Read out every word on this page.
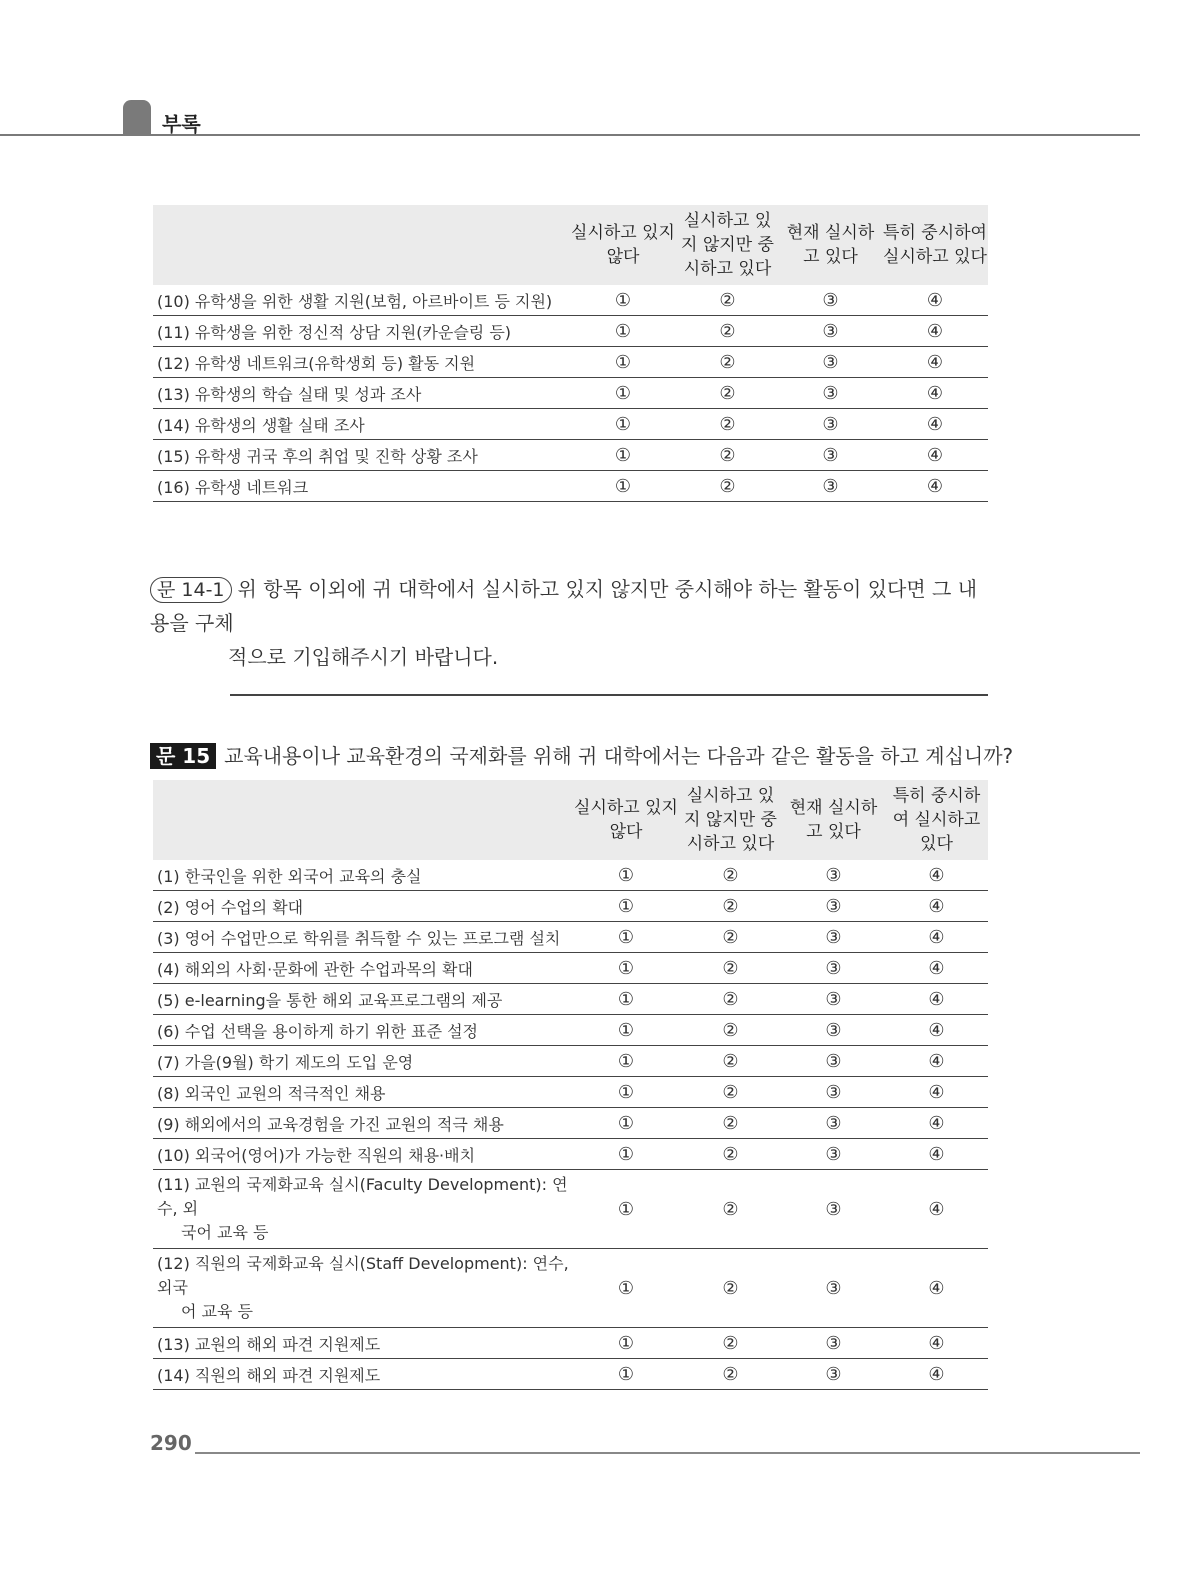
부록
	실시하고 있지 않다	실시하고 있지 않지만 중시하고 있다	현재 실시하고 있다	특히 중시하여 실시하고 있다
(10) 유학생을 위한 생활 지원(보험, 아르바이트 등 지원)	①	②	③	④
(11) 유학생을 위한 정신적 상담 지원(카운슬링 등)	①	②	③	④
(12) 유학생 네트워크(유학생회 등) 활동 지원	①	②	③	④
(13) 유학생의 학습 실태 및 성과 조사	①	②	③	④
(14) 유학생의 생활 실태 조사	①	②	③	④
(15) 유학생 귀국 후의 취업 및 진학 상황 조사	①	②	③	④
(16) 유학생 네트워크	①	②	③	④
문 14-1 위 항목 이외에 귀 대학에서 실시하고 있지 않지만 중시해야 하는 활동이 있다면 그 내용을 구체
적으로 기입해주시기 바랍니다.
문 15 교육내용이나 교육환경의 국제화를 위해 귀 대학에서는 다음과 같은 활동을 하고 계십니까?
	실시하고 있지 않다	실시하고 있지 않지만 중시하고 있다	현재 실시하고 있다	특히 중시하여 실시하고 있다
(1) 한국인을 위한 외국어 교육의 충실	①	②	③	④
(2) 영어 수업의 확대	①	②	③	④
(3) 영어 수업만으로 학위를 취득할 수 있는 프로그램 설치	①	②	③	④
(4) 해외의 사회·문화에 관한 수업과목의 확대	①	②	③	④
(5) e-learning을 통한 해외 교육프로그램의 제공	①	②	③	④
(6) 수업 선택을 용이하게 하기 위한 표준 설정	①	②	③	④
(7) 가을(9월) 학기 제도의 도입 운영	①	②	③	④
(8) 외국인 교원의 적극적인 채용	①	②	③	④
(9) 해외에서의 교육경험을 가진 교원의 적극 채용	①	②	③	④
(10) 외국어(영어)가 가능한 직원의 채용·배치	①	②	③	④
(11) 교원의 국제화교육 실시(Faculty Development): 연수, 외
국어 교육 등	①	②	③	④
(12) 직원의 국제화교육 실시(Staff Development): 연수, 외국
어 교육 등	①	②	③	④
(13) 교원의 해외 파견 지원제도	①	②	③	④
(14) 직원의 해외 파견 지원제도	①	②	③	④
290
